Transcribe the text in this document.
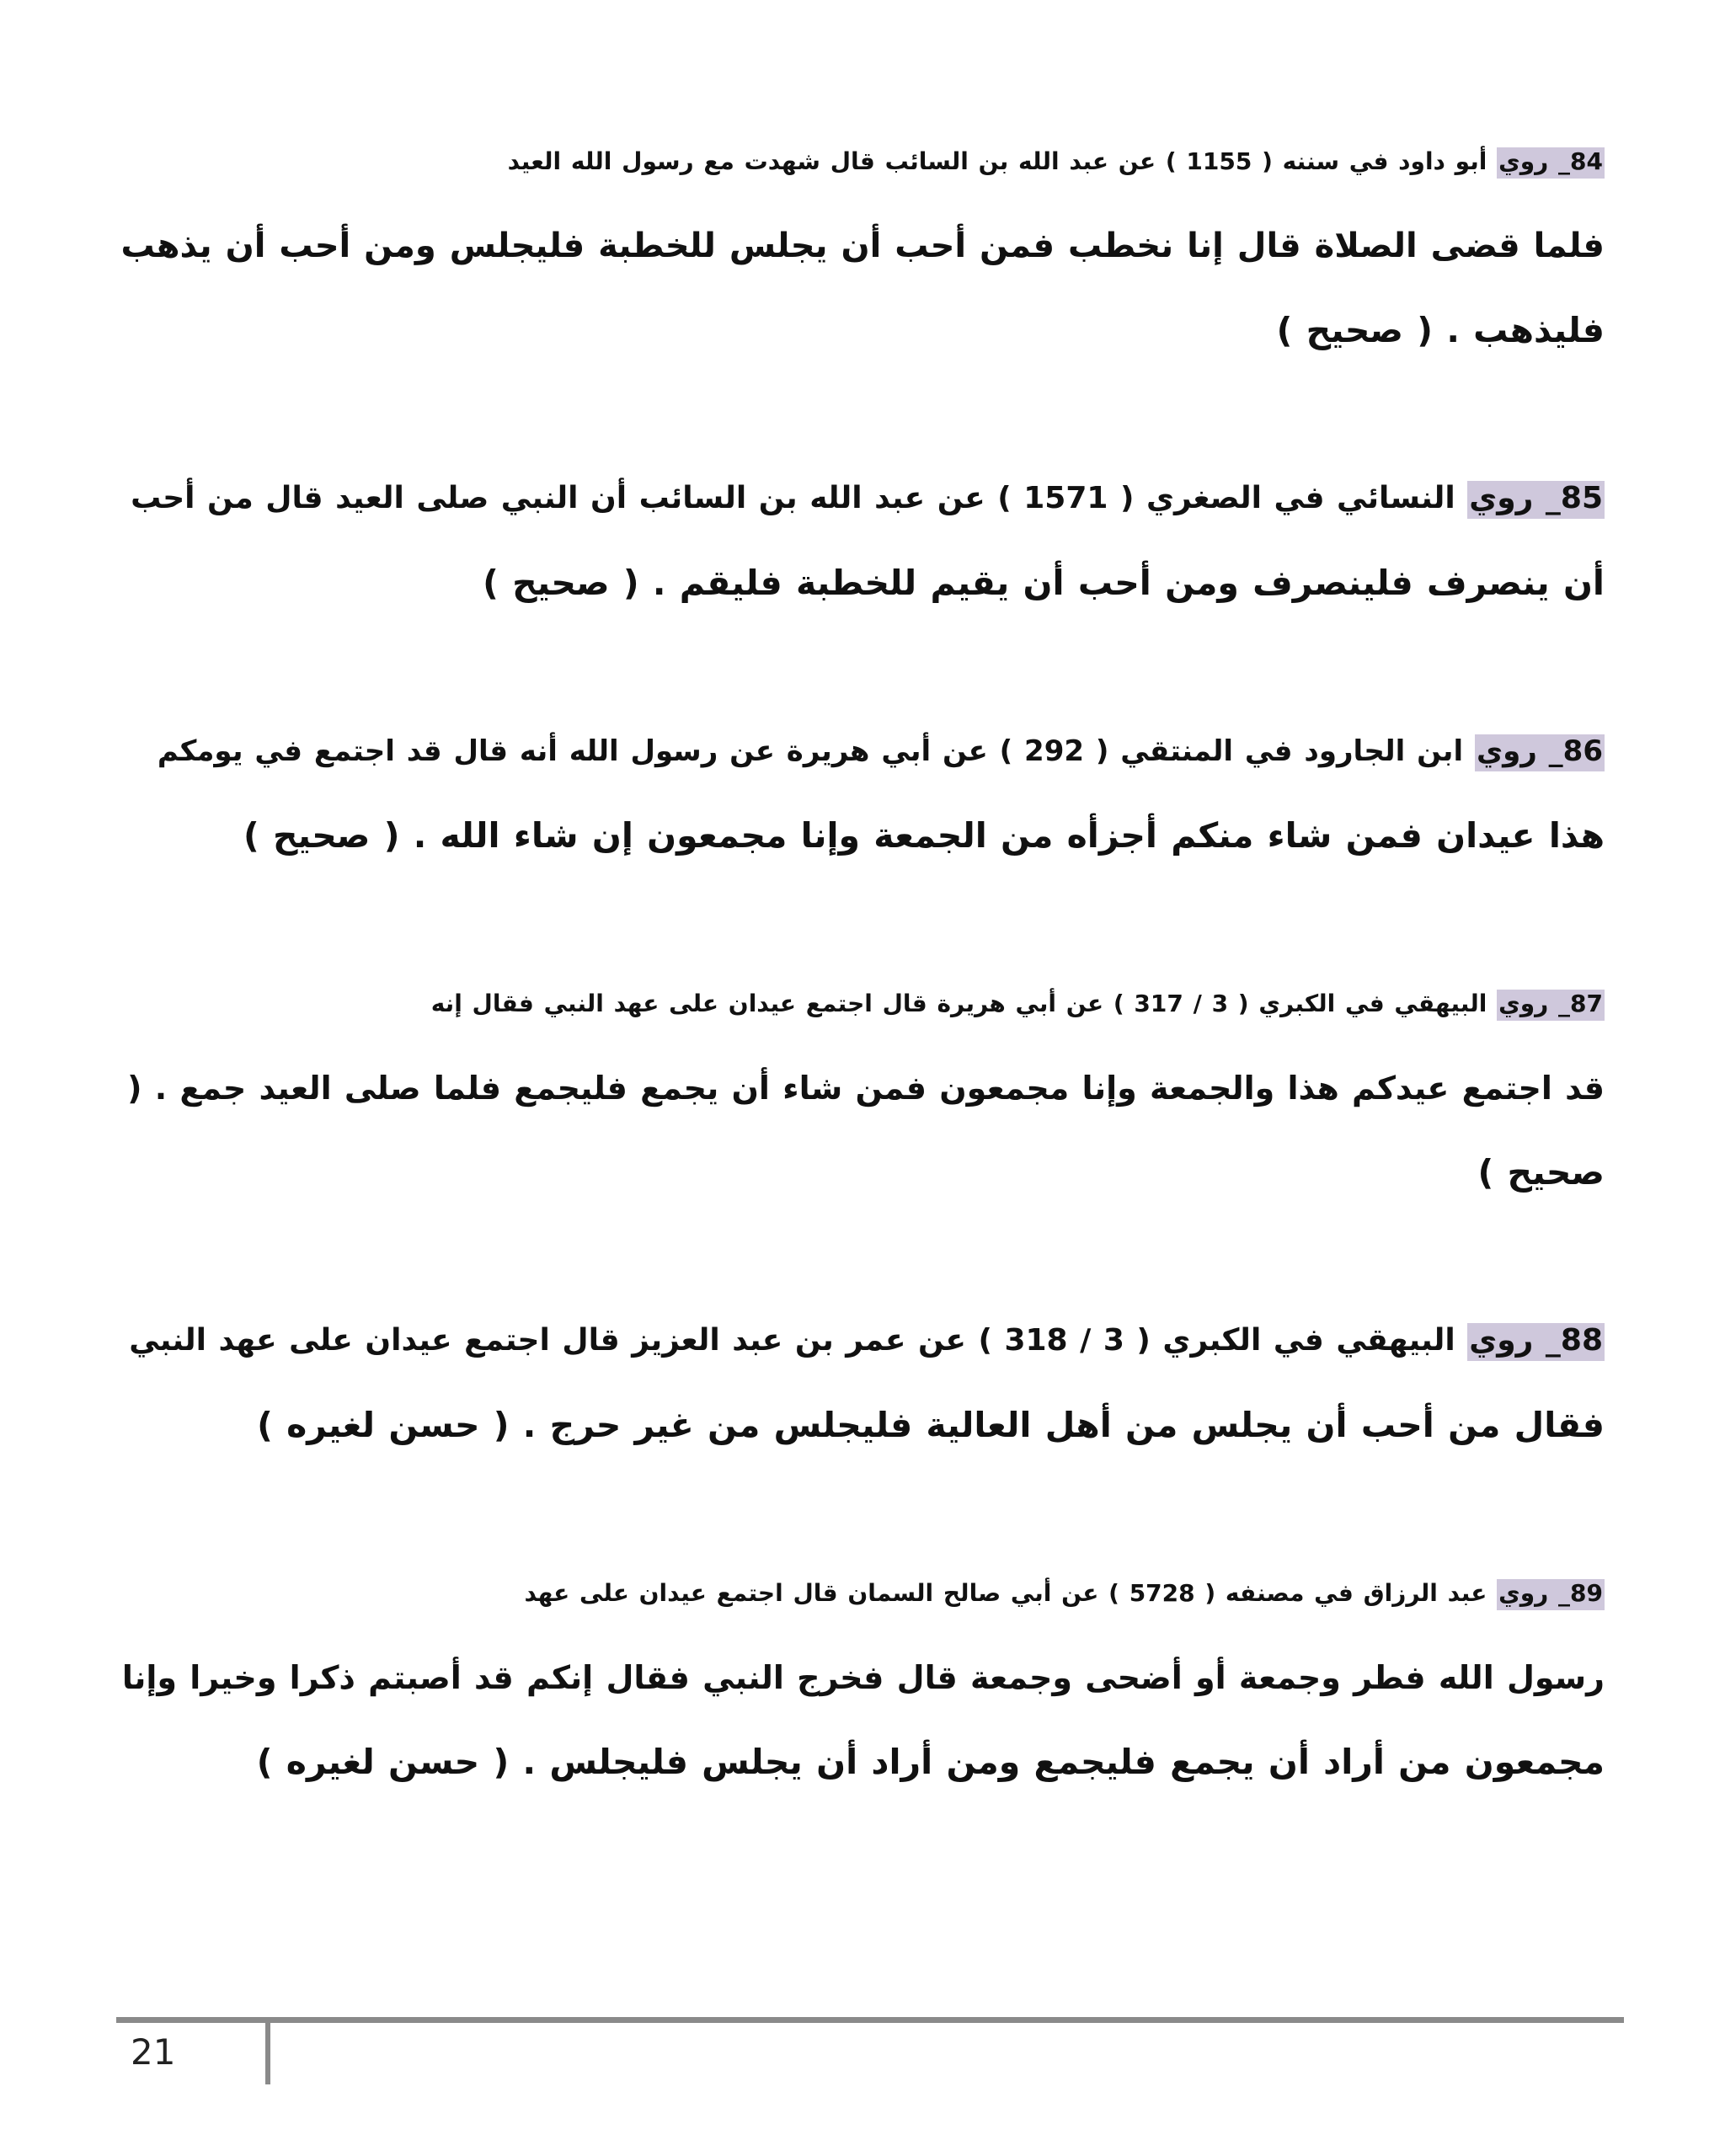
84_ روي أبو داود في سننه ( 1155 ) عن عبد الله بن السائب قال شهدت مع رسول الله العيد
فلما قضى الصلاة قال إنا نخطب فمن أحب أن يجلس للخطبة فليجلس ومن أحب أن يذهب
فليذهب . ( صحيح )
85_ روي النسائي في الصغري ( 1571 ) عن عبد الله بن السائب أن النبي صلى العيد قال من أحب
أن ينصرف فلينصرف ومن أحب أن يقيم للخطبة فليقم . ( صحيح )
86_ روي ابن الجارود في المنتقي ( 292 ) عن أبي هريرة عن رسول الله أنه قال قد اجتمع في يومكم
هذا عيدان فمن شاء منكم أجزأه من الجمعة وإنا مجمعون إن شاء الله . ( صحيح )
87_ روي البيهقي في الكبري ( 3 / 317 ) عن أبي هريرة قال اجتمع عيدان على عهد النبي فقال إنه
قد اجتمع عيدكم هذا والجمعة وإنا مجمعون فمن شاء أن يجمع فليجمع فلما صلى العيد جمع . (
صحيح )
88_ روي البيهقي في الكبري ( 3 / 318 ) عن عمر بن عبد العزيز قال اجتمع عيدان على عهد النبي
فقال من أحب أن يجلس من أهل العالية فليجلس من غير حرج . ( حسن لغيره )
89_ روي عبد الرزاق في مصنفه ( 5728 ) عن أبي صالح السمان قال اجتمع عيدان على عهد
رسول الله فطر وجمعة أو أضحى وجمعة قال فخرج النبي فقال إنكم قد أصبتم ذكرا وخيرا وإنا
مجمعون من أراد أن يجمع فليجمع ومن أراد أن يجلس فليجلس . ( حسن لغيره )
21
